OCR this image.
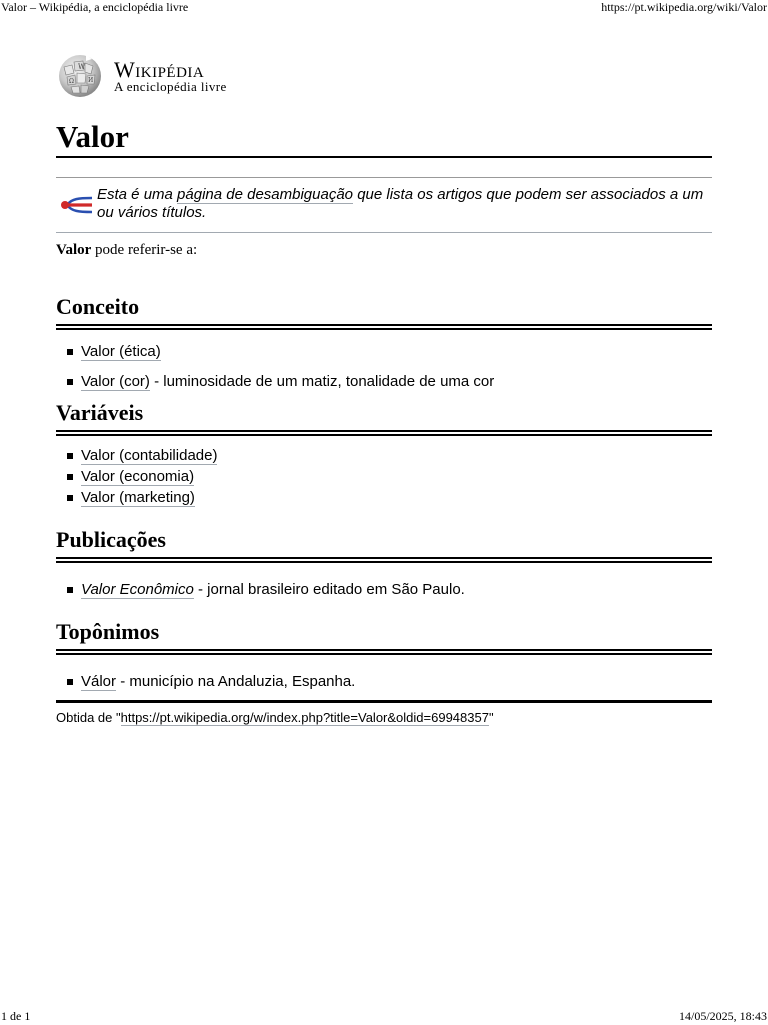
Valor – Wikipédia, a enciclopédia livre	https://pt.wikipedia.org/wiki/Valor
W
Ω И Wikipédia
A enciclopédia livre
Valor
Esta é uma página de desambiguação que lista os artigos que podem ser associados a um ou vários títulos.
Valor pode referir-se a:
Conceito
Valor (ética)
Valor (cor) - luminosidade de um matiz, tonalidade de uma cor
Variáveis
Valor (contabilidade)
Valor (economia)
Valor (marketing)
Publicações
Valor Econômico - jornal brasileiro editado em São Paulo.
Topônimos
Válor - município na Andaluzia, Espanha.
Obtida de "https://pt.wikipedia.org/w/index.php?title=Valor&oldid=69948357"
1 de 1	14/05/2025, 18:43
